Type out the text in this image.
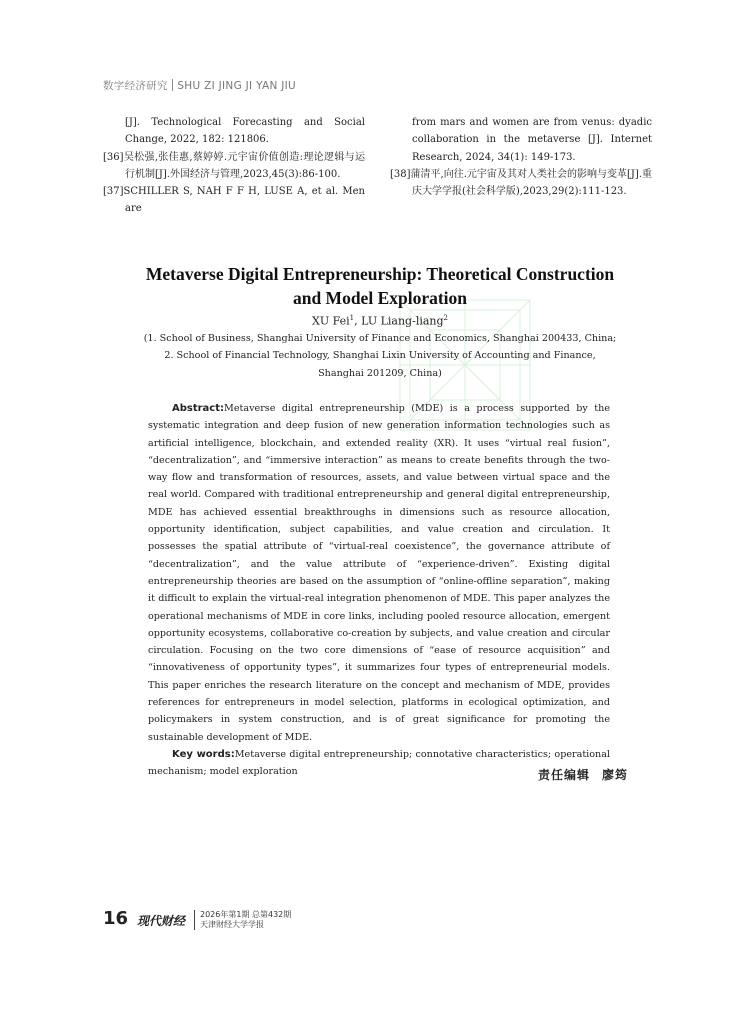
数字经济研究 SHU ZI JING JI YAN JIU
[J]. Technological Forecasting and Social Change, 2022, 182: 121806.
[36]吴松强,张佳惠,蔡婷婷.元宇宙价值创造:理论逻辑与运行机制[J].外国经济与管理,2023,45(3):86-100.
[37]SCHILLER S, NAH F F H, LUSE A, et al. Men are
from mars and women are from venus: dyadic collaboration in the metaverse [J]. Internet Research, 2024, 34(1): 149-173.
[38]蒲清平,向往.元宇宙及其对人类社会的影响与变革[J].重庆大学学报(社会科学版),2023,29(2):111-123.
Metaverse Digital Entrepreneurship: Theoretical Construction
and Model Exploration
XU Fei$^1$, LU Liang-liang$^2$
(1. School of Business, Shanghai University of Finance and Economics, Shanghai 200433, China;
2. School of Financial Technology, Shanghai Lixin University of Accounting and Finance,
Shanghai 201209, China)
Abstract:Metaverse digital entrepreneurship (MDE) is a process supported by the systematic integration and deep fusion of new generation information technologies such as artificial intelligence, blockchain, and extended reality (XR). It uses “virtual real fusion”, “decentralization”, and “immersive interaction” as means to create benefits through the two-way flow and transformation of resources, assets, and value between virtual space and the real world. Compared with traditional entrepreneurship and general digital entrepreneurship, MDE has achieved essential breakthroughs in dimensions such as resource allocation, opportunity identification, subject capabilities, and value creation and circulation. It possesses the spatial attribute of “virtual-real coexistence”, the governance attribute of “decentralization”, and the value attribute of “experience-driven”. Existing digital entrepreneurship theories are based on the assumption of “online-offline separation”, making it difficult to explain the virtual-real integration phenomenon of MDE. This paper analyzes the operational mechanisms of MDE in core links, including pooled resource allocation, emergent opportunity ecosystems, collaborative co-creation by subjects, and value creation and circular circulation. Focusing on the two core dimensions of “ease of resource acquisition” and “innovativeness of opportunity types”, it summarizes four types of entrepreneurial models. This paper enriches the research literature on the concept and mechanism of MDE, provides references for entrepreneurs in model selection, platforms in ecological optimization, and policymakers in system construction, and is of great significance for promoting the sustainable development of MDE.
Key words:Metaverse digital entrepreneurship; connotative characteristics; operational mechanism; model exploration	责任编辑 廖筠
16 现代财经 2026年第1期 总第432期
天津财经大学学报
